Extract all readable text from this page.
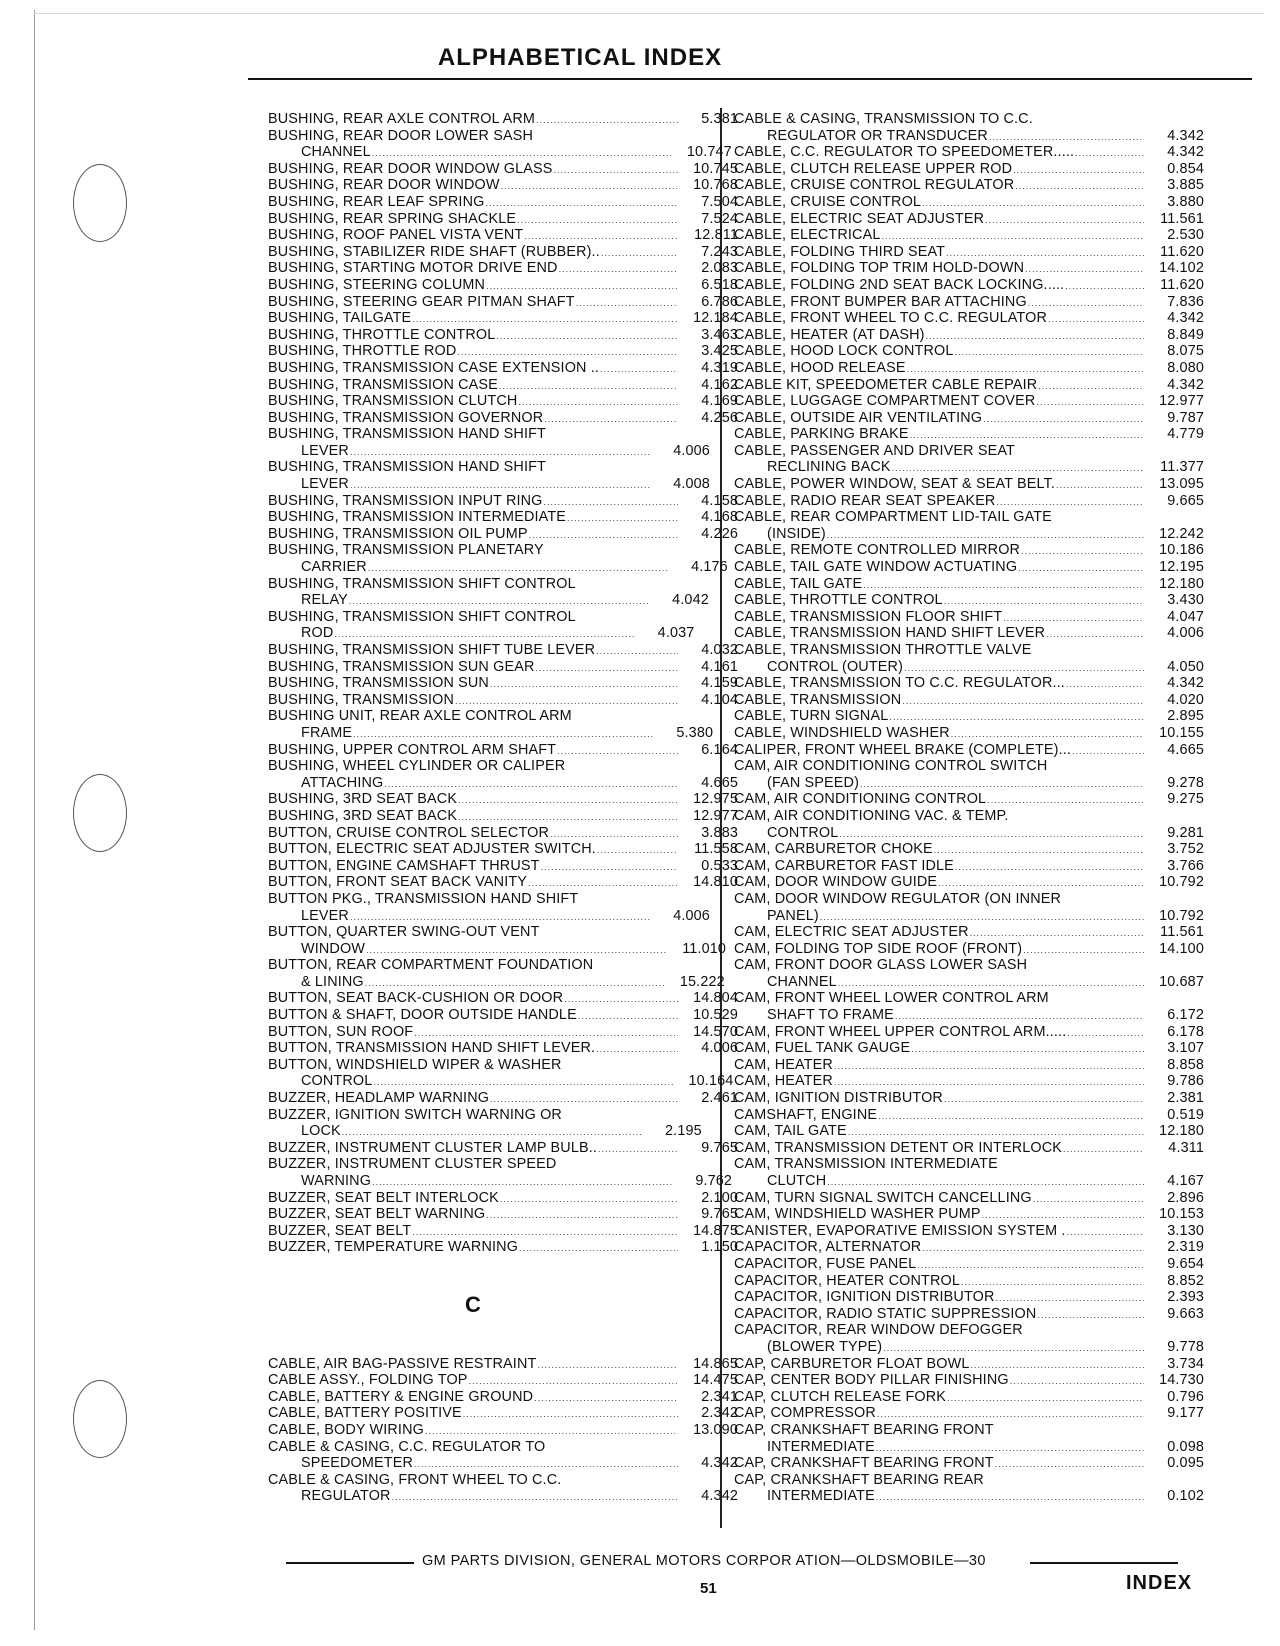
ALPHABETICAL INDEX
BUSHING, REAR AXLE CONTROL ARM .....	5.381
BUSHING, REAR DOOR LOWER SASH
CHANNEL .....	10.747
BUSHING, REAR DOOR WINDOW GLASS .....	10.745
BUSHING, REAR DOOR WINDOW .....	10.768
BUSHING, REAR LEAF SPRING .....	7.504
BUSHING, REAR SPRING SHACKLE .....	7.524
BUSHING, ROOF PANEL VISTA VENT .....	12.811
BUSHING, STABILIZER RIDE SHAFT (RUBBER).. .....	7.243
BUSHING, STARTING MOTOR DRIVE END .....	2.083
BUSHING, STEERING COLUMN .....	6.518
BUSHING, STEERING GEAR PITMAN SHAFT .....	6.786
BUSHING, TAILGATE .....	12.184
BUSHING, THROTTLE CONTROL .....	3.463
BUSHING, THROTTLE ROD .....	3.425
BUSHING, TRANSMISSION CASE EXTENSION .. .....	4.319
BUSHING, TRANSMISSION CASE .....	4.162
BUSHING, TRANSMISSION CLUTCH .....	4.169
BUSHING, TRANSMISSION GOVERNOR .....	4.256
BUSHING, TRANSMISSION HAND SHIFT
LEVER .....	4.006
BUSHING, TRANSMISSION HAND SHIFT
LEVER .....	4.008
BUSHING, TRANSMISSION INPUT RING .....	4.158
BUSHING, TRANSMISSION INTERMEDIATE .....	4.168
BUSHING, TRANSMISSION OIL PUMP .....	4.226
BUSHING, TRANSMISSION PLANETARY
CARRIER .....	4.176
BUSHING, TRANSMISSION SHIFT CONTROL
RELAY .....	4.042
BUSHING, TRANSMISSION SHIFT CONTROL
ROD .....	4.037
BUSHING, TRANSMISSION SHIFT TUBE LEVER .....	4.032
BUSHING, TRANSMISSION SUN GEAR .....	4.161
BUSHING, TRANSMISSION SUN .....	4.159
BUSHING, TRANSMISSION .....	4.104
BUSHING UNIT, REAR AXLE CONTROL ARM
FRAME .....	5.380
BUSHING, UPPER CONTROL ARM SHAFT .....	6.164
BUSHING, WHEEL CYLINDER OR CALIPER
ATTACHING .....	4.665
BUSHING, 3RD SEAT BACK .....	12.975
BUSHING, 3RD SEAT BACK .....	12.977
BUTTON, CRUISE CONTROL SELECTOR .....	3.883
BUTTON, ELECTRIC SEAT ADJUSTER SWITCH. .....	11.558
BUTTON, ENGINE CAMSHAFT THRUST .....	0.533
BUTTON, FRONT SEAT BACK VANITY .....	14.810
BUTTON PKG., TRANSMISSION HAND SHIFT
LEVER .....	4.006
BUTTON, QUARTER SWING-OUT VENT
WINDOW .....	11.010
BUTTON, REAR COMPARTMENT FOUNDATION
& LINING .....	15.222
BUTTON, SEAT BACK-CUSHION OR DOOR .....	14.804
BUTTON & SHAFT, DOOR OUTSIDE HANDLE .....	10.529
BUTTON, SUN ROOF .....	14.570
BUTTON, TRANSMISSION HAND SHIFT LEVER. .....	4.006
BUTTON, WINDSHIELD WIPER & WASHER
CONTROL .....	10.164
BUZZER, HEADLAMP WARNING .....	2.461
BUZZER, IGNITION SWITCH WARNING OR
LOCK .....	2.195
BUZZER, INSTRUMENT CLUSTER LAMP BULB.. .....	9.765
BUZZER, INSTRUMENT CLUSTER SPEED
WARNING .....	9.762
BUZZER, SEAT BELT INTERLOCK .....	2.100
BUZZER, SEAT BELT WARNING .....	9.765
BUZZER, SEAT BELT .....	14.875
BUZZER, TEMPERATURE WARNING .....	1.150
C
CABLE, AIR BAG-PASSIVE RESTRAINT .....	14.865
CABLE ASSY., FOLDING TOP .....	14.475
CABLE, BATTERY & ENGINE GROUND .....	2.341
CABLE, BATTERY POSITIVE .....	2.342
CABLE, BODY WIRING .....	13.090
CABLE & CASING, C.C. REGULATOR TO
SPEEDOMETER .....	4.342
CABLE & CASING, FRONT WHEEL TO C.C.
REGULATOR .....	4.342
CABLE & CASING, TRANSMISSION TO C.C.
REGULATOR OR TRANSDUCER .....	4.342
CABLE, C.C. REGULATOR TO SPEEDOMETER..... .....	4.342
CABLE, CLUTCH RELEASE UPPER ROD .....	0.854
CABLE, CRUISE CONTROL REGULATOR .....	3.885
CABLE, CRUISE CONTROL .....	3.880
CABLE, ELECTRIC SEAT ADJUSTER .....	11.561
CABLE, ELECTRICAL .....	2.530
CABLE, FOLDING THIRD SEAT .....	11.620
CABLE, FOLDING TOP TRIM HOLD-DOWN .....	14.102
CABLE, FOLDING 2ND SEAT BACK LOCKING..... .....	11.620
CABLE, FRONT BUMPER BAR ATTACHING .....	7.836
CABLE, FRONT WHEEL TO C.C. REGULATOR .....	4.342
CABLE, HEATER (AT DASH) .....	8.849
CABLE, HOOD LOCK CONTROL .....	8.075
CABLE, HOOD RELEASE .....	8.080
CABLE KIT, SPEEDOMETER CABLE REPAIR .....	4.342
CABLE, LUGGAGE COMPARTMENT COVER .....	12.977
CABLE, OUTSIDE AIR VENTILATING .....	9.787
CABLE, PARKING BRAKE .....	4.779
CABLE, PASSENGER AND DRIVER SEAT
RECLINING BACK .....	11.377
CABLE, POWER WINDOW, SEAT & SEAT BELT. .....	13.095
CABLE, RADIO REAR SEAT SPEAKER .....	9.665
CABLE, REAR COMPARTMENT LID-TAIL GATE
(INSIDE) .....	12.242
CABLE, REMOTE CONTROLLED MIRROR .....	10.186
CABLE, TAIL GATE WINDOW ACTUATING .....	12.195
CABLE, TAIL GATE .....	12.180
CABLE, THROTTLE CONTROL .....	3.430
CABLE, TRANSMISSION FLOOR SHIFT .....	4.047
CABLE, TRANSMISSION HAND SHIFT LEVER .....	4.006
CABLE, TRANSMISSION THROTTLE VALVE
CONTROL (OUTER) .....	4.050
CABLE, TRANSMISSION TO C.C. REGULATOR... .....	4.342
CABLE, TRANSMISSION .....	4.020
CABLE, TURN SIGNAL .....	2.895
CABLE, WINDSHIELD WASHER .....	10.155
CALIPER, FRONT WHEEL BRAKE (COMPLETE)... .....	4.665
CAM, AIR CONDITIONING CONTROL SWITCH
(FAN SPEED) .....	9.278
CAM, AIR CONDITIONING CONTROL .....	9.275
CAM, AIR CONDITIONING VAC. & TEMP.
CONTROL .....	9.281
CAM, CARBURETOR CHOKE .....	3.752
CAM, CARBURETOR FAST IDLE .....	3.766
CAM, DOOR WINDOW GUIDE .....	10.792
CAM, DOOR WINDOW REGULATOR (ON INNER
PANEL) .....	10.792
CAM, ELECTRIC SEAT ADJUSTER .....	11.561
CAM, FOLDING TOP SIDE ROOF (FRONT) .....	14.100
CAM, FRONT DOOR GLASS LOWER SASH
CHANNEL .....	10.687
CAM, FRONT WHEEL LOWER CONTROL ARM
SHAFT TO FRAME .....	6.172
CAM, FRONT WHEEL UPPER CONTROL ARM..... .....	6.178
CAM, FUEL TANK GAUGE .....	3.107
CAM, HEATER .....	8.858
CAM, HEATER .....	9.786
CAM, IGNITION DISTRIBUTOR .....	2.381
CAMSHAFT, ENGINE .....	0.519
CAM, TAIL GATE .....	12.180
CAM, TRANSMISSION DETENT OR INTERLOCK .....	4.311
CAM, TRANSMISSION INTERMEDIATE
CLUTCH .....	4.167
CAM, TURN SIGNAL SWITCH CANCELLING .....	2.896
CAM, WINDSHIELD WASHER PUMP .....	10.153
CANISTER, EVAPORATIVE EMISSION SYSTEM . .....	3.130
CAPACITOR, ALTERNATOR .....	2.319
CAPACITOR, FUSE PANEL .....	9.654
CAPACITOR, HEATER CONTROL .....	8.852
CAPACITOR, IGNITION DISTRIBUTOR .....	2.393
CAPACITOR, RADIO STATIC SUPPRESSION .....	9.663
CAPACITOR, REAR WINDOW DEFOGGER
(BLOWER TYPE) .....	9.778
CAP, CARBURETOR FLOAT BOWL .....	3.734
CAP, CENTER BODY PILLAR FINISHING .....	14.730
CAP, CLUTCH RELEASE FORK .....	0.796
CAP, COMPRESSOR .....	9.177
CAP, CRANKSHAFT BEARING FRONT
INTERMEDIATE .....	0.098
CAP, CRANKSHAFT BEARING FRONT .....	0.095
CAP, CRANKSHAFT BEARING REAR
INTERMEDIATE .....	0.102
GM PARTS DIVISION, GENERAL MOTORS CORPOR ATION—OLDSMOBILE—30
51	INDEX
